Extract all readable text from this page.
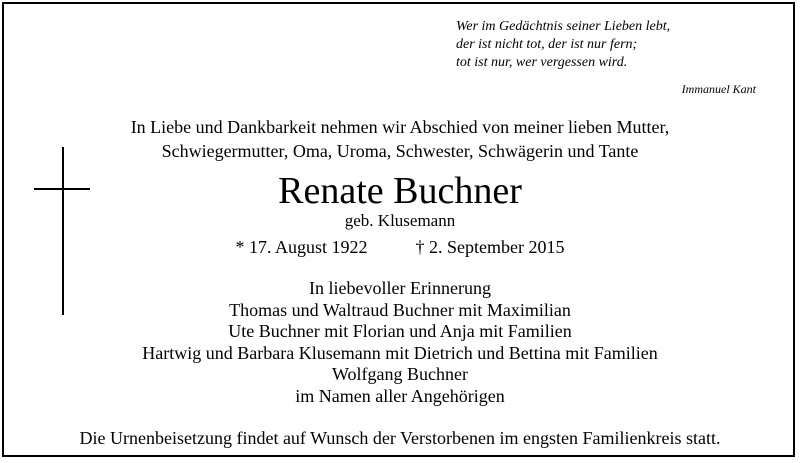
Wer im Gedächtnis seiner Lieben lebt,
der ist nicht tot, der ist nur fern;
tot ist nur, wer vergessen wird.
Immanuel Kant
In Liebe und Dankbarkeit nehmen wir Abschied von meiner lieben Mutter,
Schwiegermutter, Oma, Uroma, Schwester, Schwägerin und Tante
Renate Buchner
geb. Klusemann
* 17. August 1922	† 2. September 2015
In liebevoller Erinnerung
Thomas und Waltraud Buchner mit Maximilian
Ute Buchner mit Florian und Anja mit Familien
Hartwig und Barbara Klusemann mit Dietrich und Bettina mit Familien
Wolfgang Buchner
im Namen aller Angehörigen
Die Urnenbeisetzung findet auf Wunsch der Verstorbenen im engsten Familienkreis statt.
